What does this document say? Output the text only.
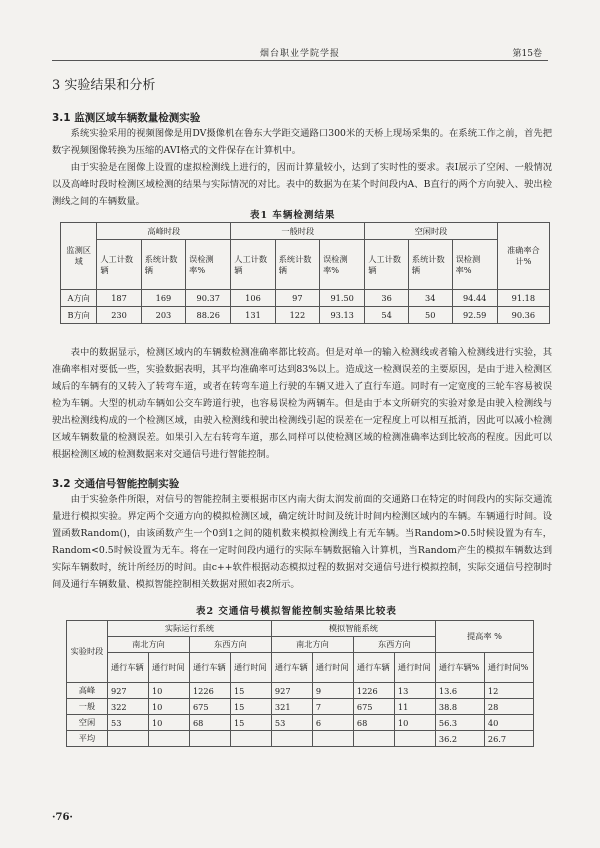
烟台职业学院学报	第15卷
3 实验结果和分析
3.1 监测区域车辆数量检测实验

系统实验采用的视频图像是用DV摄像机在鲁东大学距交通路口300米的天桥上现场采集的。在系统工作之前，首先把数字视频图像转换为压缩的AVI格式的文件保存在计算机中。

由于实验是在图像上设置的虚拟检测线上进行的，因而计算量较小，达到了实时性的要求。表Ⅰ展示了空闲、一般情况以及高峰时段时检测区域检测的结果与实际情况的对比。表中的数据为在某个时间段内A、B直行的两个方向驶入、驶出检测线之间的车辆数量。

表1 车辆检测结果
监测区域	高峰时段			一般时段			空闲时段			准确率合计%
	人工计数辆	系统计数辆	误检测率%	人工计数辆	系统计数辆	误检测率%	人工计数辆	系统计数辆	误检测率%	
A方向	187	169	90.37	106	97	91.50	36	34	94.44	91.18
B方向	230	203	88.26	131	122	93.13	54	50	92.59	90.36

表中的数据显示，检测区域内的车辆数检测准确率都比较高。但是对单一的输入检测线或者输入检测线进行实验，其准确率相对要低一些，实验数据表明，其平均准确率可达到83%以上。造成这一检测误差的主要原因，是由于进入检测区域后的车辆有的又转入了转弯车道，或者在转弯车道上行驶的车辆又进入了直行车道。同时有一定宽度的三轮车容易被误检为车辆。大型的机动车辆如公交车跨道行驶，也容易误检为两辆车。但是由于本文所研究的实验对象是由驶入检测线与驶出检测线构成的一个检测区域，由驶入检测线和驶出检测线引起的误差在一定程度上可以相互抵消，因此可以减小检测区域车辆数量的检测误差。如果引入左右转弯车道，那么同样可以使检测区域的检测准确率达到比较高的程度。因此可以根据检测区域的检测数据来对交通信号进行智能控制。

3.2 交通信号智能控制实验

由于实验条件所限，对信号的智能控制主要根据市区内南大街太润发前面的交通路口在特定的时间段内的实际交通流量进行模拟实验。界定两个交通方向的模拟检测区域，确定统计时间及统计时间内检测区域内的车辆。车辆通行时间。设置函数Random()，由该函数产生一个0到1之间的随机数来模拟检测线上有无车辆。当Random>0.5时候设置为有车，Random<0.5时候设置为无车。将在一定时间段内通行的实际车辆数据输入计算机，当Random产生的模拟车辆数达到实际车辆数时，统计所经历的时间。由c++软件根据动态模拟过程的数据对交通信号进行模拟控制，实际交通信号控制时间及通行车辆数量、模拟智能控制相关数据对照如表2所示。

表2 交通信号模拟智能控制实验结果比较表
实验时段	实际运行系统				模拟智能系统				提高率 %	
	南北方向		东西方向		南北方向		东西方向			
	通行车辆	通行时间	通行车辆	通行时间	通行车辆	通行时间	通行车辆	通行时间	通行车辆%	通行时间%
高峰	927	10	1226	15	927	9	1226	13	13.6	12
一般	322	10	675	15	321	7	675	11	38.8	28
空闲	53	10	68	15	53	6	68	10	56.3	40
平均									36.2	26.7
·76·
